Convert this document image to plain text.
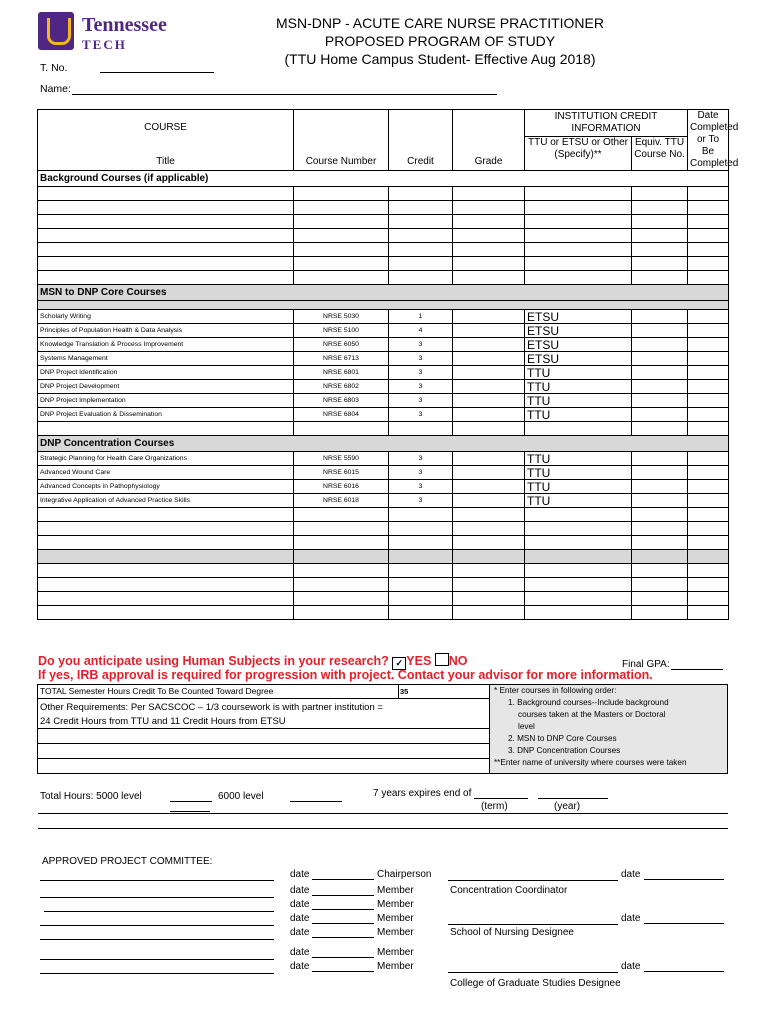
Tennessee
TECH
MSN-DNP - ACUTE CARE NURSE PRACTITIONER
PROPOSED PROGRAM OF STUDY
(TTU Home Campus Student- Effective Aug 2018)
T. No.
Name:
COURSE
Title	Course Number	Credit	Grade	INSTITUTION CREDIT INFORMATION		Date Completed or To Be Completed
				TTU or ETSU or Other (Specify)**	Equiv. TTU Course No.	
Background Courses (if applicable)						

MSN to DNP Core Courses						

Scholarly Writing	NRSE 5030	1		ETSU		
Principles of Population Health & Data Analysis	NRSE 5100	4		ETSU		
Knowledge Translation & Process Improvement	NRSE 6050	3		ETSU		
Systems Management	NRSE 6713	3		ETSU		
DNP Project Identification	NRSE 6801	3		TTU		
DNP Project Development	NRSE 6802	3		TTU		
DNP Project Implementation	NRSE 6803	3		TTU		
DNP Project Evaluation & Dissemination	NRSE 6804	3		TTU		

DNP Concentration Courses						
Strategic Planning for Health Care Organizations	NRSE 5590	3		TTU		
Advanced Wound Care	NRSE 6015	3		TTU		
Advanced Concepts in Pathophysiology	NRSE 6016	3		TTU		
Integrative Application of Advanced Practice Skills	NRSE 6018	3		TTU		

Do you anticipate using Human Subjects in your research? ✓ YES NO	Final GPA:
If yes, IRB approval is required for progression with project. Contact your advisor for more information.
TOTAL Semester Hours Credit To Be Counted Toward Degree	35
Other Requirements: Per SACSCOC – 1/3 coursework is with partner institution =
24 Credit Hours from TTU and 11 Credit Hours from ETSU
* Enter courses in following order:
1. Background courses--Include background
courses taken at the Masters or Doctoral
level
2. MSN to DNP Core Courses
3. DNP Concentration Courses
**Enter name of university where courses were taken
Total Hours: 5000 level	6000 level	7 years expires end of
(term)	(year)
APPROVED PROJECT COMMITTEE:
date	Chairperson	date
date	Member	Concentration Coordinator
date	Member
date	Member	date
date	Member	School of Nursing Designee
date	Member
date	Member	date
College of Graduate Studies Designee
